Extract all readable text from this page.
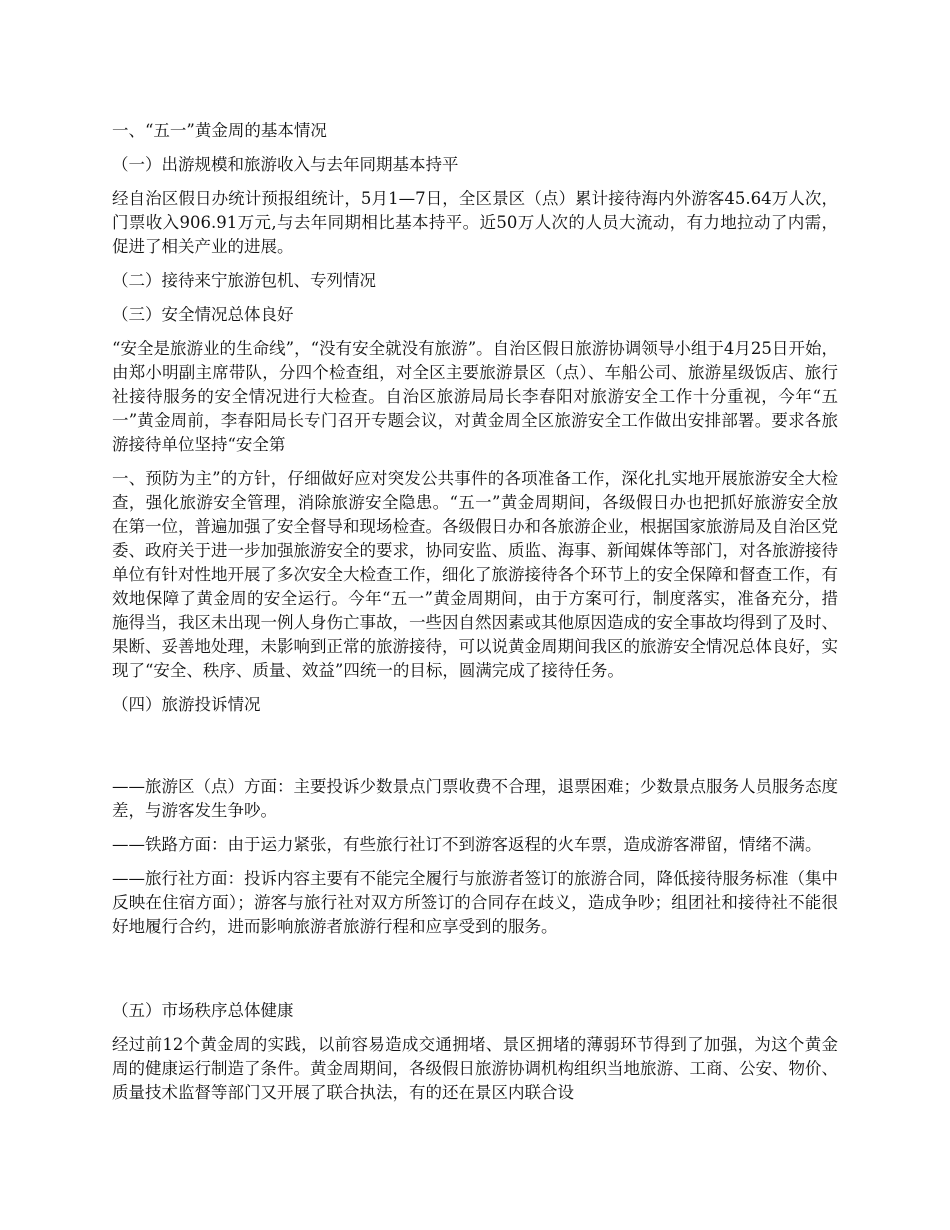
一、“五一”黄金周的基本情况

（一）出游规模和旅游收入与去年同期基本持平

经自治区假日办统计预报组统计，5月1—7日，全区景区（点）累计接待海内外游客45.64万人次，门票收入906.91万元,与去年同期相比基本持平。近50万人次的人员大流动，有力地拉动了内需，促进了相关产业的进展。

（二）接待来宁旅游包机、专列情况

（三）安全情况总体良好

“安全是旅游业的生命线”，“没有安全就没有旅游”。自治区假日旅游协调领导小组于4月25日开始，由郑小明副主席带队，分四个检查组，对全区主要旅游景区（点）、车船公司、旅游星级饭店、旅行社接待服务的安全情况进行大检查。自治区旅游局局长李春阳对旅游安全工作十分重视，今年“五一”黄金周前，李春阳局长专门召开专题会议，对黄金周全区旅游安全工作做出安排部署。要求各旅游接待单位坚持“安全第

一、预防为主”的方针，仔细做好应对突发公共事件的各项准备工作，深化扎实地开展旅游安全大检查，强化旅游安全管理，消除旅游安全隐患。“五一”黄金周期间，各级假日办也把抓好旅游安全放在第一位，普遍加强了安全督导和现场检查。各级假日办和各旅游企业，根据国家旅游局及自治区党委、政府关于进一步加强旅游安全的要求，协同安监、质监、海事、新闻媒体等部门，对各旅游接待单位有针对性地开展了多次安全大检查工作，细化了旅游接待各个环节上的安全保障和督查工作，有效地保障了黄金周的安全运行。今年“五一”黄金周期间，由于方案可行，制度落实，准备充分，措施得当，我区未出现一例人身伤亡事故，一些因自然因素或其他原因造成的安全事故均得到了及时、果断、妥善地处理，未影响到正常的旅游接待，可以说黄金周期间我区的旅游安全情况总体良好，实现了“安全、秩序、质量、效益”四统一的目标，圆满完成了接待任务。

（四）旅游投诉情况

——旅游区（点）方面：主要投诉少数景点门票收费不合理，退票困难；少数景点服务人员服务态度差，与游客发生争吵。

——铁路方面：由于运力紧张，有些旅行社订不到游客返程的火车票，造成游客滞留，情绪不满。

——旅行社方面：投诉内容主要有不能完全履行与旅游者签订的旅游合同，降低接待服务标准（集中反映在住宿方面）；游客与旅行社对双方所签订的合同存在歧义，造成争吵；组团社和接待社不能很好地履行合约，进而影响旅游者旅游行程和应享受到的服务。

（五）市场秩序总体健康

经过前12个黄金周的实践，以前容易造成交通拥堵、景区拥堵的薄弱环节得到了加强，为这个黄金周的健康运行制造了条件。黄金周期间，各级假日旅游协调机构组织当地旅游、工商、公安、物价、质量技术监督等部门又开展了联合执法，有的还在景区内联合设
